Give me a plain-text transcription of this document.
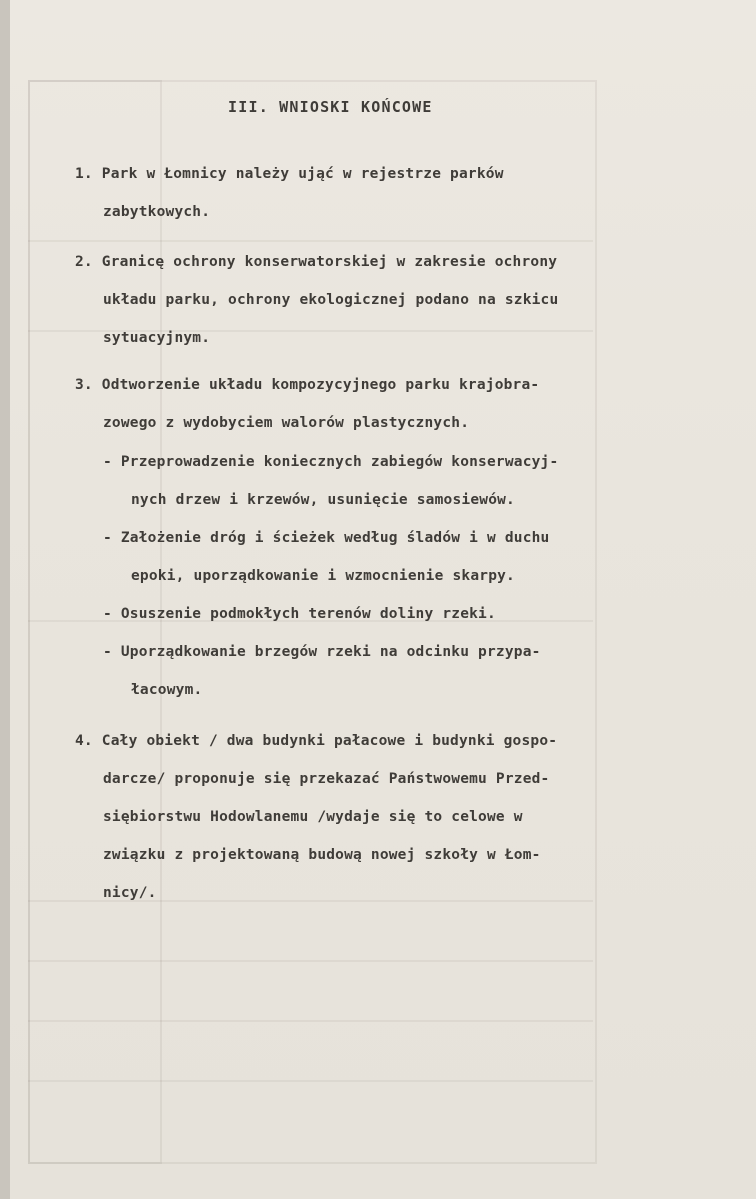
III. WNIOSKI KOŃCOWE
1. Park w Łomnicy należy ująć w rejestrze parków
zabytkowych.
2. Granicę ochrony konserwatorskiej w zakresie ochrony
układu parku, ochrony ekologicznej podano na szkicu
sytuacyjnym.
3. Odtworzenie układu kompozycyjnego parku krajobra-
zowego z wydobyciem walorów plastycznych.
- Przeprowadzenie koniecznych zabiegów konserwacyj-
nych drzew i krzewów, usunięcie samosiewów.
- Założenie dróg i ścieżek według śladów i w duchu
epoki, uporządkowanie i wzmocnienie skarpy.
- Osuszenie podmokłych terenów doliny rzeki.
- Uporządkowanie brzegów rzeki na odcinku przypa-
łacowym.
4. Cały obiekt / dwa budynki pałacowe i budynki gospo-
darcze/ proponuje się przekazać Państwowemu Przed-
siębiorstwu Hodowlanemu /wydaje się to celowe w
związku z projektowaną budową nowej szkoły w Łom-
nicy/.
